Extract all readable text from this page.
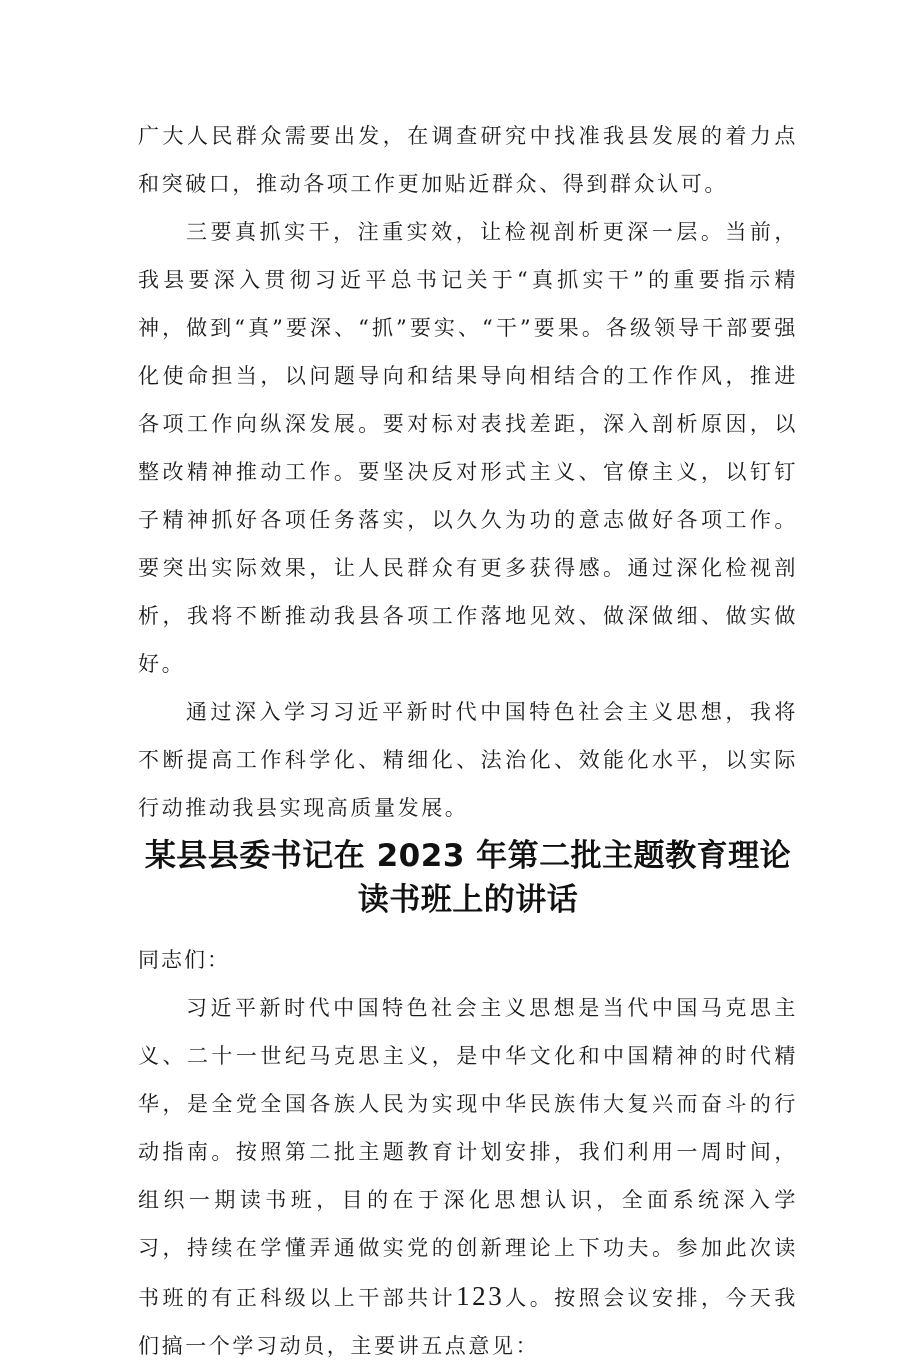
广大人民群众需要出发，在调查研究中找准我县发展的着力点和突破口，推动各项工作更加贴近群众、得到群众认可。

三要真抓实干，注重实效，让检视剖析更深一层。当前，我县要深入贯彻习近平总书记关于“真抓实干”的重要指示精神，做到“真”要深、“抓”要实、“干”要果。各级领导干部要强化使命担当，以问题导向和结果导向相结合的工作作风，推进各项工作向纵深发展。要对标对表找差距，深入剖析原因，以整改精神推动工作。要坚决反对形式主义、官僚主义，以钉钉子精神抓好各项任务落实，以久久为功的意志做好各项工作。要突出实际效果，让人民群众有更多获得感。通过深化检视剖析，我将不断推动我县各项工作落地见效、做深做细、做实做好。

通过深入学习习近平新时代中国特色社会主义思想，我将不断提高工作科学化、精细化、法治化、效能化水平，以实际行动推动我县实现高质量发展。

某县县委书记在 2023 年第二批主题教育理论
读书班上的讲话

同志们：

习近平新时代中国特色社会主义思想是当代中国马克思主义、二十一世纪马克思主义，是中华文化和中国精神的时代精华，是全党全国各族人民为实现中华民族伟大复兴而奋斗的行动指南。按照第二批主题教育计划安排，我们利用一周时间，组织一期读书班，目的在于深化思想认识，全面系统深入学习，持续在学懂弄通做实党的创新理论上下功夫。参加此次读书班的有正科级以上干部共计123人。按照会议安排，今天我们搞一个学习动员，主要讲五点意见：
